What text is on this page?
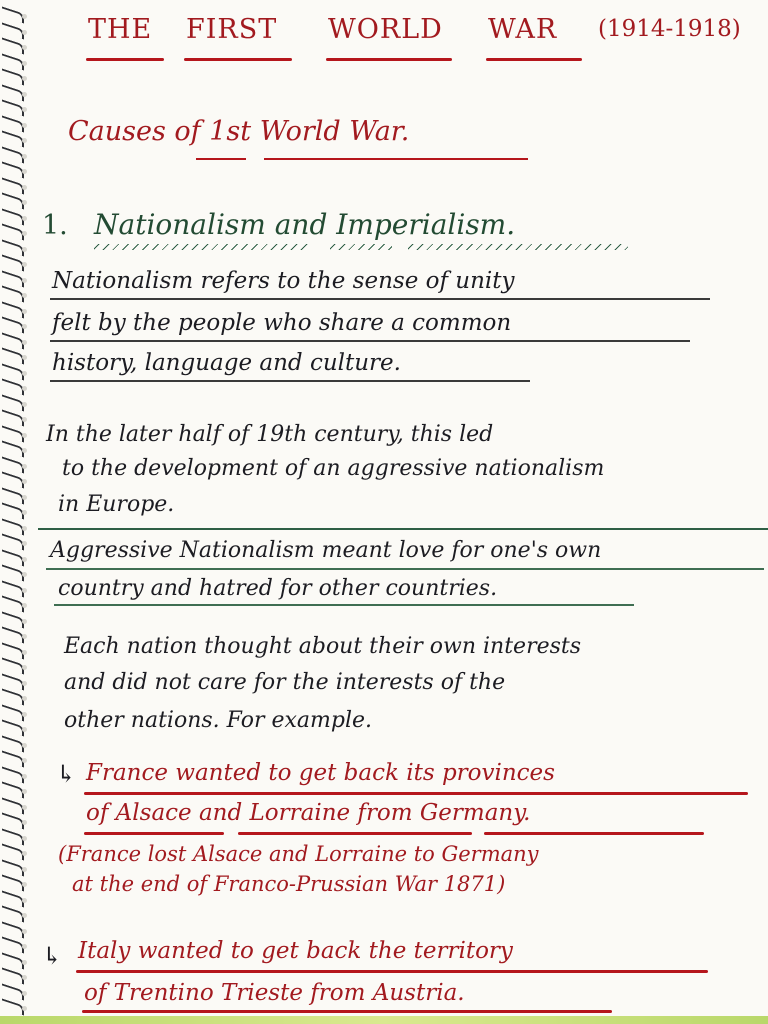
THE FIRST WORLD WAR (1914-1918)
Causes of 1st World War.
1. Nationalism and Imperialism.
Nationalism refers to the sense of unity
felt by the people who share a common
history, language and culture.
In the later half of 19th century, this led
to the development of an aggressive nationalism
in Europe.
Aggressive Nationalism meant love for one's own
country and hatred for other countries.
Each nation thought about their own interests
and did not care for the interests of the
other nations. For example.
↳ France wanted to get back its provinces
of Alsace and Lorraine from Germany.
(France lost Alsace and Lorraine to Germany
at the end of Franco-Prussian War 1871)
↳ Italy wanted to get back the territory
of Trentino Trieste from Austria.
